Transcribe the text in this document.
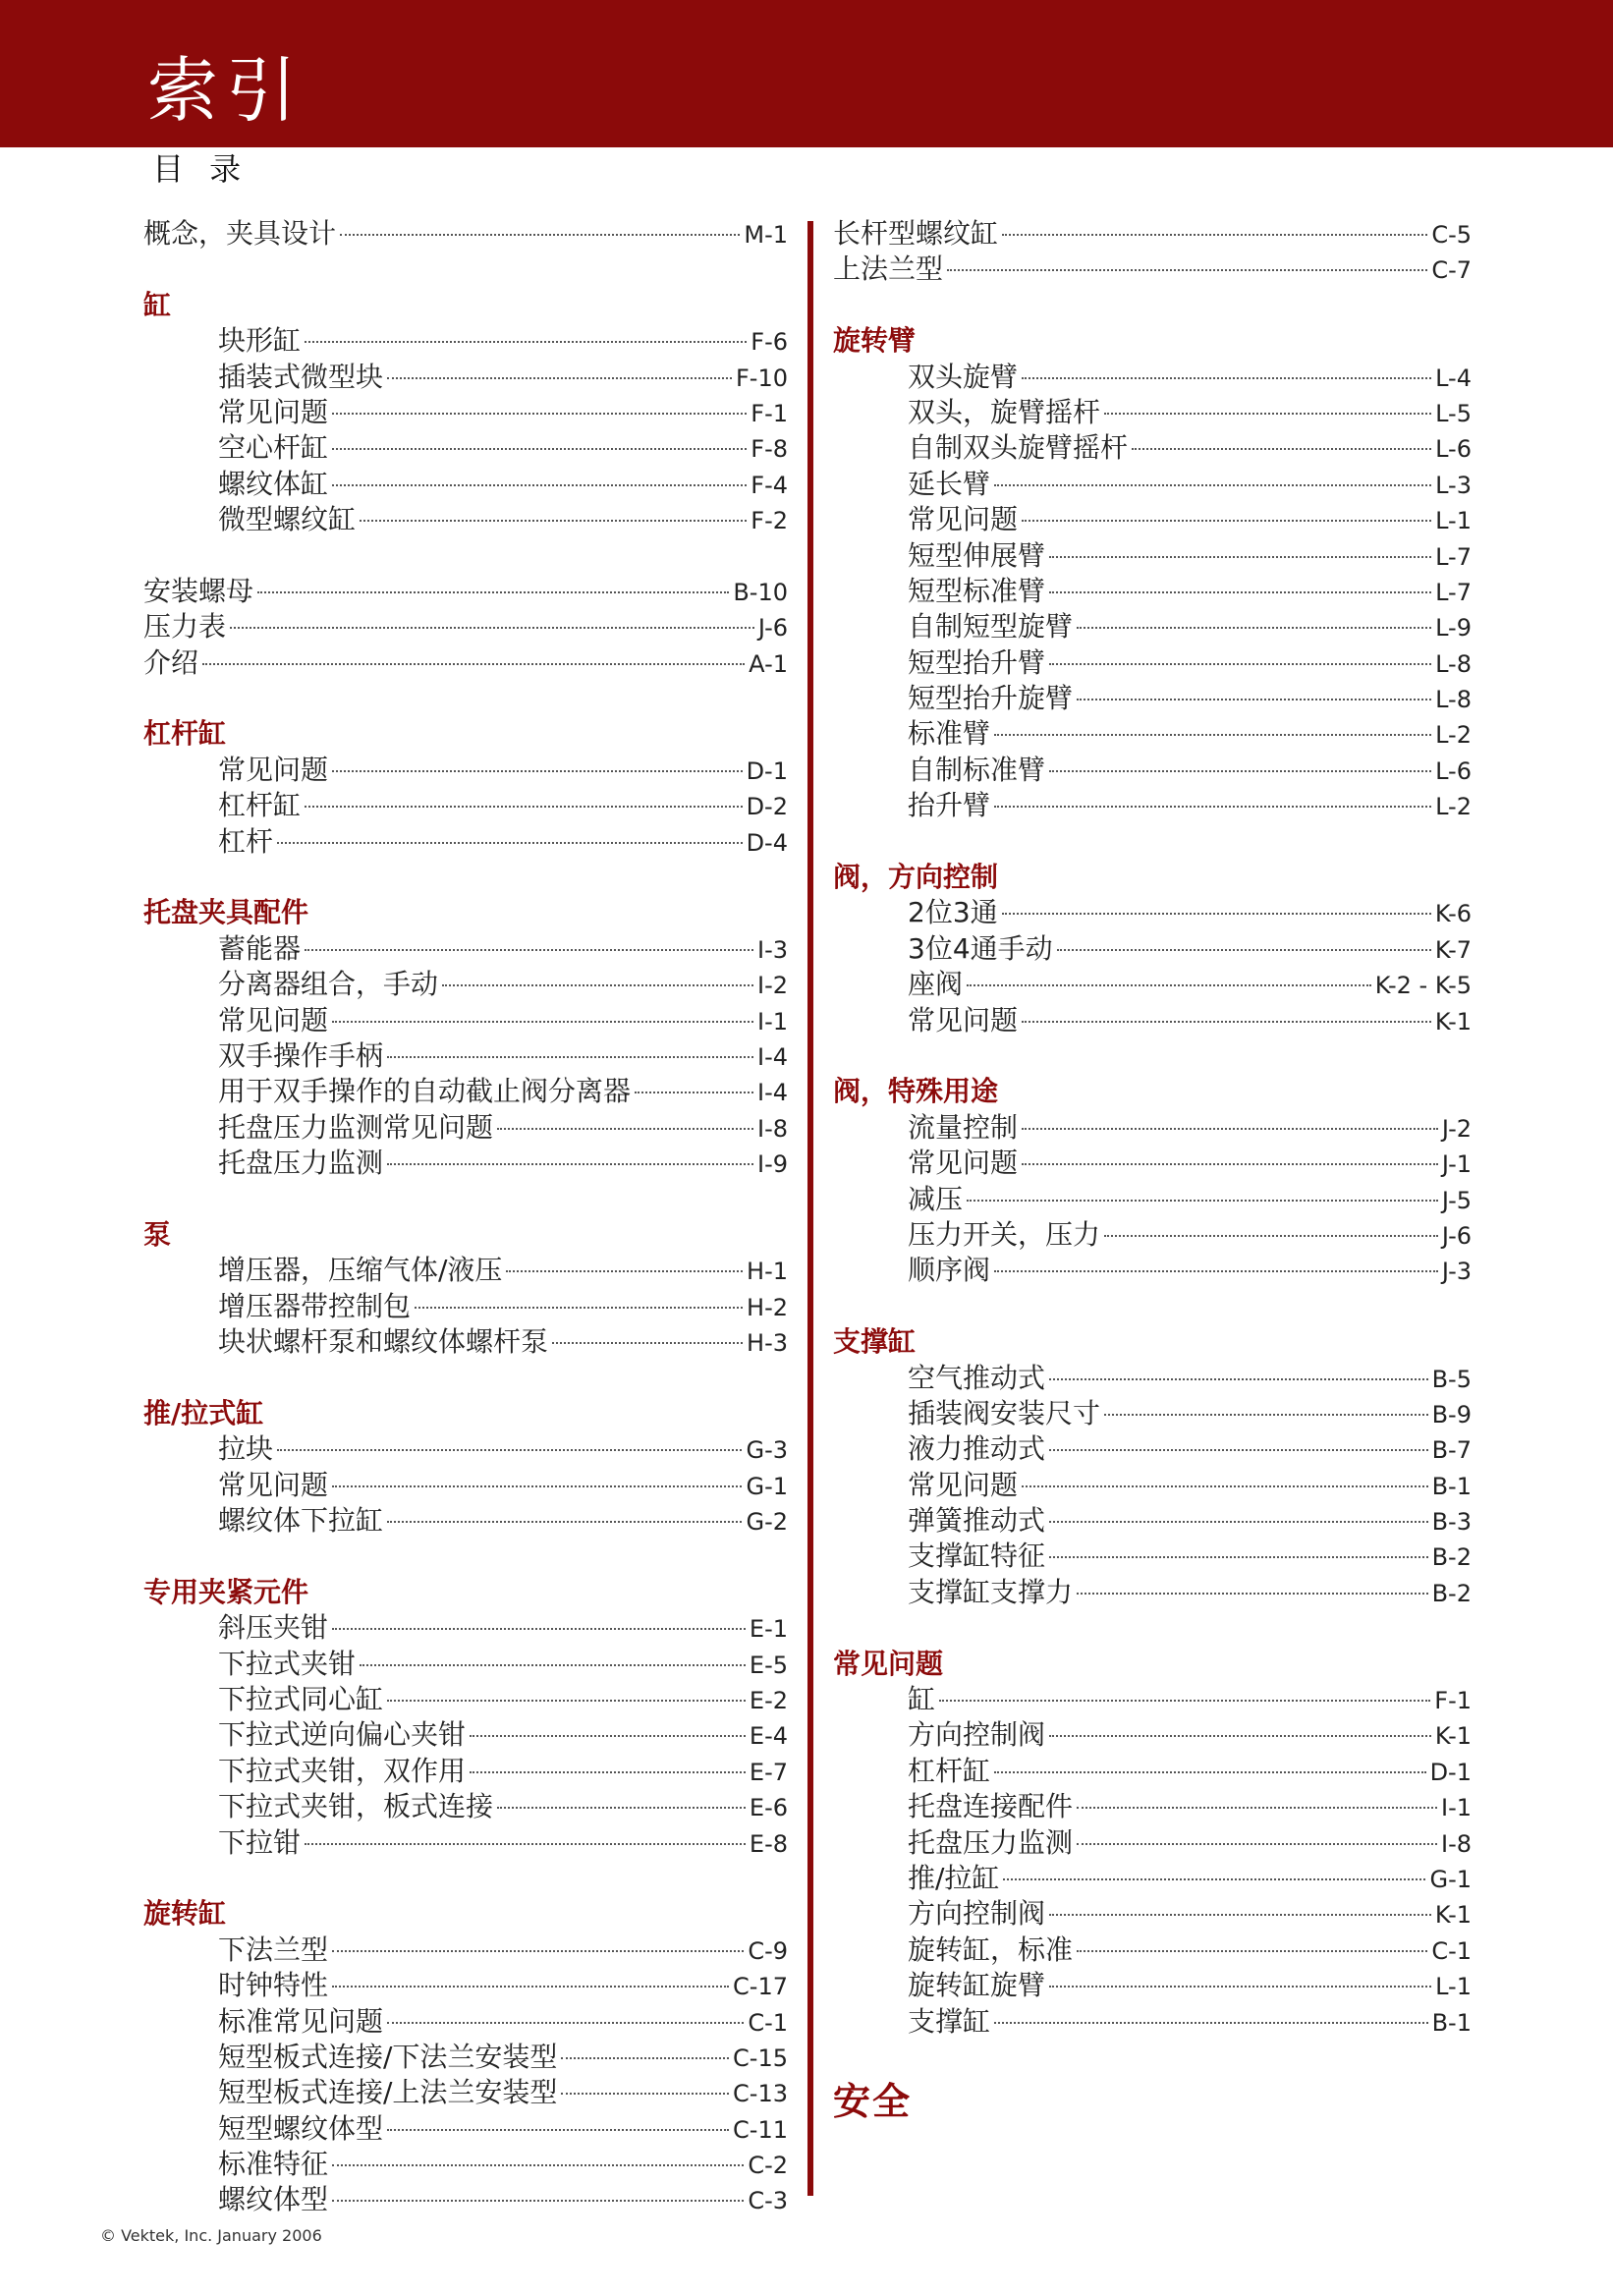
索引
目 录
概念，夹具设计	M-1
缸
块形缸	F-6
插装式微型块	F-10
常见问题	F-1
空心杆缸	F-8
螺纹体缸	F-4
微型螺纹缸	F-2
安装螺母	B-10
压力表	J-6
介绍	A-1
杠杆缸
常见问题	D-1
杠杆缸	D-2
杠杆	D-4
托盘夹具配件
蓄能器	I-3
分离器组合，手动	I-2
常见问题	I-1
双手操作手柄	I-4
用于双手操作的自动截止阀分离器	I-4
托盘压力监测常见问题	I-8
托盘压力监测	I-9
泵
增压器，压缩气体/液压	H-1
增压器带控制包	H-2
块状螺杆泵和螺纹体螺杆泵	H-3
推/拉式缸
拉块	G-3
常见问题	G-1
螺纹体下拉缸	G-2
专用夹紧元件
斜压夹钳	E-1
下拉式夹钳	E-5
下拉式同心缸	E-2
下拉式逆向偏心夹钳	E-4
下拉式夹钳，双作用	E-7
下拉式夹钳，板式连接	E-6
下拉钳	E-8
旋转缸
下法兰型	C-9
时钟特性	C-17
标准常见问题	C-1
短型板式连接/下法兰安装型	C-15
短型板式连接/上法兰安装型	C-13
短型螺纹体型	C-11
标准特征	C-2
螺纹体型	C-3
长杆型螺纹缸	C-5
上法兰型	C-7
旋转臂
双头旋臂	L-4
双头，旋臂摇杆	L-5
自制双头旋臂摇杆	L-6
延长臂	L-3
常见问题	L-1
短型伸展臂	L-7
短型标准臂	L-7
自制短型旋臂	L-9
短型抬升臂	L-8
短型抬升旋臂	L-8
标准臂	L-2
自制标准臂	L-6
抬升臂	L-2
阀，方向控制
2位3通	K-6
3位4通手动	K-7
座阀	K-2 - K-5
常见问题	K-1
阀，特殊用途
流量控制	J-2
常见问题	J-1
减压	J-5
压力开关，压力	J-6
顺序阀	J-3
支撑缸
空气推动式	B-5
插装阀安装尺寸	B-9
液力推动式	B-7
常见问题	B-1
弹簧推动式	B-3
支撑缸特征	B-2
支撑缸支撑力	B-2
常见问题
缸	F-1
方向控制阀	K-1
杠杆缸	D-1
托盘连接配件	I-1
托盘压力监测	I-8
推/拉缸	G-1
方向控制阀	K-1
旋转缸，标准	C-1
旋转缸旋臂	L-1
支撑缸	B-1
安全
© Vektek, Inc. January 2006
